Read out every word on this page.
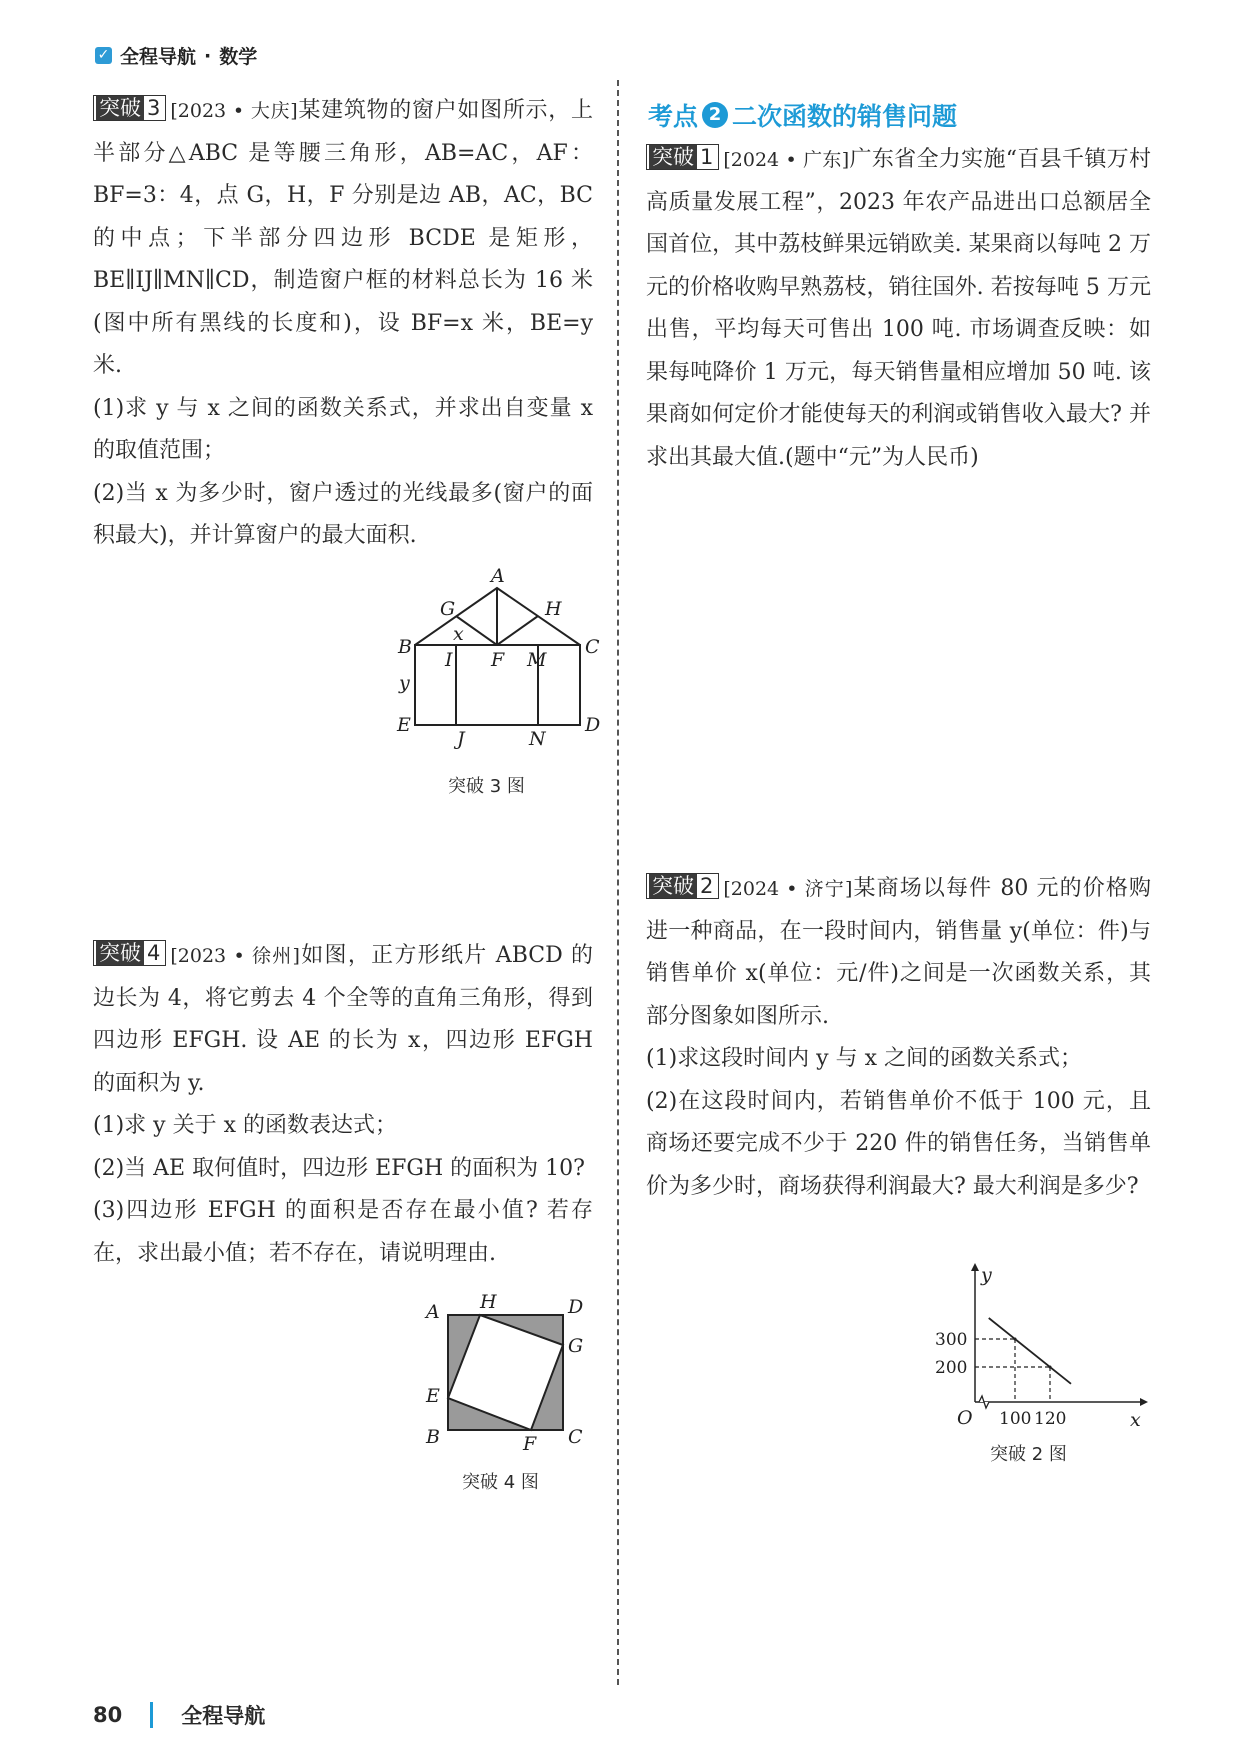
✓ 全程导航 · 数学

突破 3 [2023 • 大庆]某建筑物的窗户如图所示，上半部分△ABC 是等腰三角形，AB=AC，AF：BF=3：4，点 G，H，F 分别是边 AB，AC，BC 的中点；下半部分四边形 BCDE 是矩形，BE∥IJ∥MN∥CD，制造窗户框的材料总长为 16 米(图中所有黑线的长度和)，设 BF=x 米，BE=y 米.

(1)求 y 与 x 之间的函数关系式，并求出自变量 x 的取值范围；

(2)当 x 为多少时，窗户透过的光线最多(窗户的面积最大)，并计算窗户的最大面积.

A
G	H
x
B	C
I F M
y
E
J	N
D
突破 3 图

突破 4 [2023 • 徐州]如图，正方形纸片 ABCD 的边长为 4，将它剪去 4 个全等的直角三角形，得到四边形 EFGH. 设 AE 的长为 x，四边形 EFGH 的面积为 y.

(1)求 y 关于 x 的函数表达式；

(2)当 AE 取何值时，四边形 EFGH 的面积为 10?

(3)四边形 EFGH 的面积是否存在最小值? 若存在，求出最小值；若不存在，请说明理由.

A H	D
E
G
B	F C
突破 4 图
考点 2 二次函数的销售问题

突破 1 [2024 • 广东]广东省全力实施“百县千镇万村高质量发展工程”，2023 年农产品进出口总额居全国首位，其中荔枝鲜果远销欧美. 某果商以每吨 2 万元的价格收购早熟荔枝，销往国外. 若按每吨 5 万元出售，平均每天可售出 100 吨. 市场调查反映：如果每吨降价 1 万元，每天销售量相应增加 50 吨. 该果商如何定价才能使每天的利润或销售收入最大? 并求出其最大值.(题中“元”为人民币)

突破 2 [2024 • 济宁]某商场以每件 80 元的价格购进一种商品，在一段时间内，销售量 y(单位：件)与销售单价 x(单位：元/件)之间是一次函数关系，其部分图象如图所示.

(1)求这段时间内 y 与 x 之间的函数关系式；

(2)在这段时间内，若销售单价不低于 100 元，且商场还要完成不少于 220 件的销售任务，当销售单价为多少时，商场获得利润最大? 最大利润是多少?

100 120
300
200
O	x
y
突破 2 图
80	全程导航
